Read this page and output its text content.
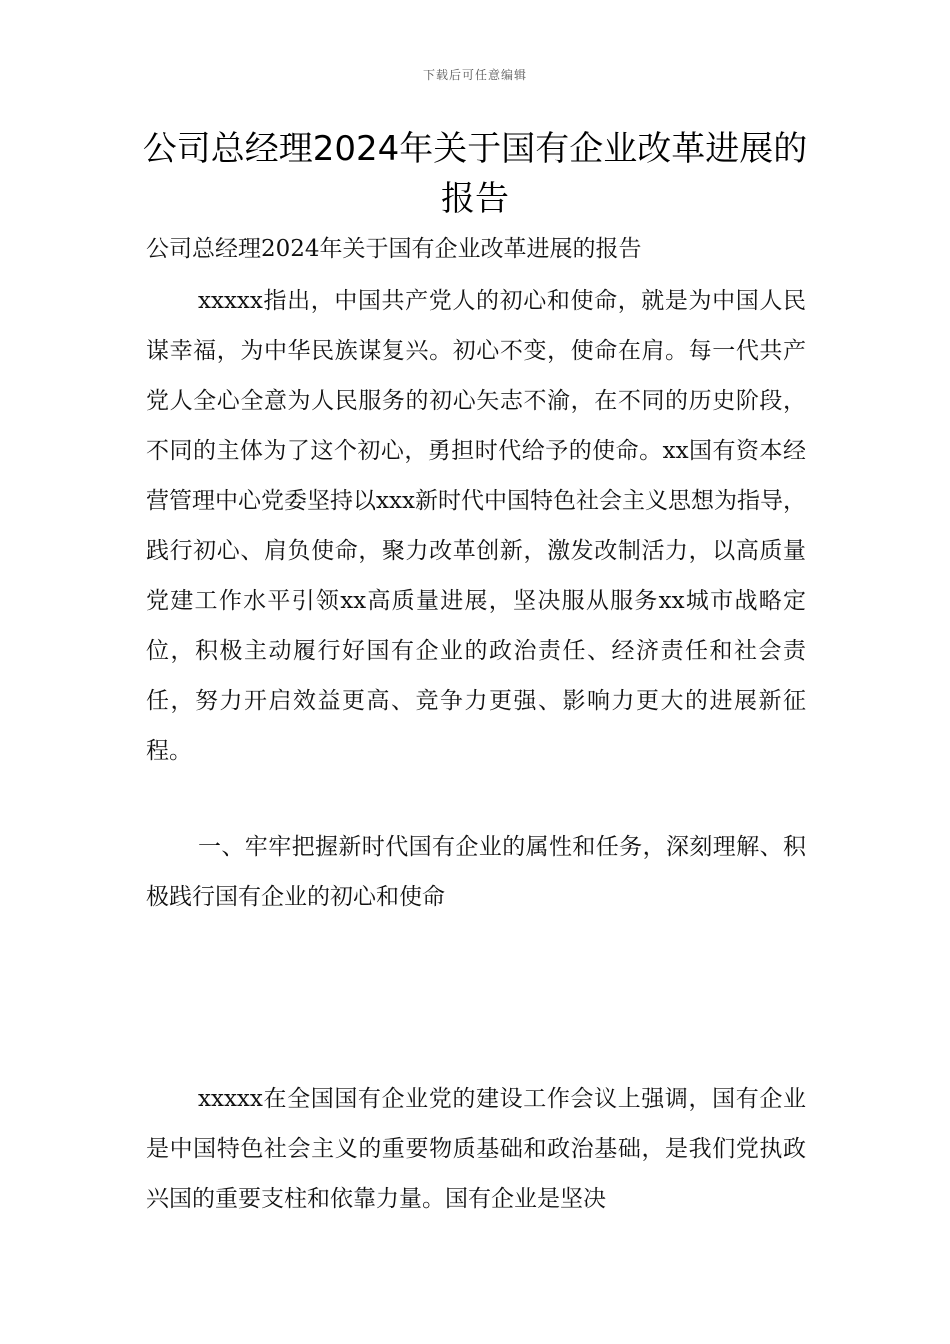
下载后可任意编辑
公司总经理2024年关于国有企业改革进展的报告

公司总经理2024年关于国有企业改革进展的报告

xxxxx指出，中国共产党人的初心和使命，就是为中国人民谋幸福，为中华民族谋复兴。初心不变，使命在肩。每一代共产党人全心全意为人民服务的初心矢志不渝，在不同的历史阶段，不同的主体为了这个初心，勇担时代给予的使命。xx国有资本经营管理中心党委坚持以xxx新时代中国特色社会主义思想为指导，践行初心、肩负使命，聚力改革创新，激发改制活力，以高质量党建工作水平引领xx高质量进展，坚决服从服务xx城市战略定位，积极主动履行好国有企业的政治责任、经济责任和社会责任，努力开启效益更高、竞争力更强、影响力更大的进展新征程。

一、牢牢把握新时代国有企业的属性和任务，深刻理解、积极践行国有企业的初心和使命

xxxxx在全国国有企业党的建设工作会议上强调，国有企业是中国特色社会主义的重要物质基础和政治基础，是我们党执政兴国的重要支柱和依靠力量。国有企业是坚决
